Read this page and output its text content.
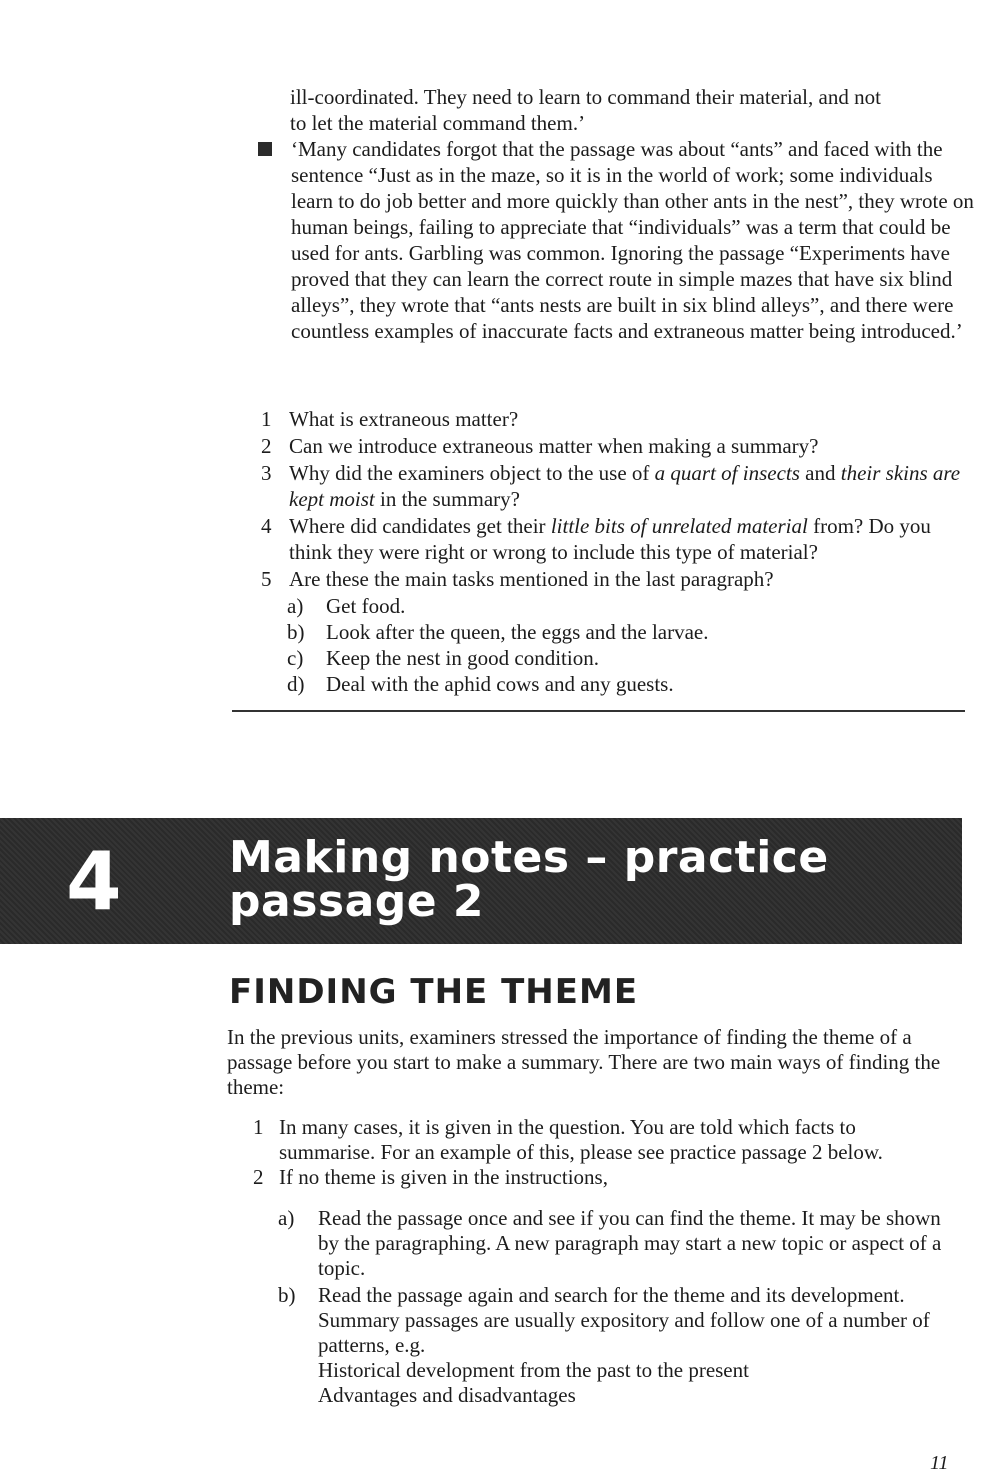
ill-coordinated. They need to learn to command their material, and not

to let the material command them.’

‘Many candidates forgot that the passage was about “ants” and faced with the sentence “Just as in the maze, so it is in the world of work; some individuals learn to do job better and more quickly than other ants in the nest”, they wrote on human beings, failing to appreciate that “individuals” was a term that could be used for ants. Garbling was common. Ignoring the passage “Experiments have proved that they can learn the correct route in simple mazes that have six blind alleys”, they wrote that “ants nests are built in six blind alleys”, and there were countless examples of inaccurate facts and extraneous matter being introduced.’
1 What is extraneous matter?
2 Can we introduce extraneous matter when making a summary?
3 Why did the examiners object to the use of a quart of insects and their skins are kept moist in the summary?
4 Where did candidates get their little bits of unrelated material from? Do you think they were right or wrong to include this type of material?
5 Are these the main tasks mentioned in the last paragraph?
a) Get food.
b) Look after the queen, the eggs and the larvae.
c) Keep the nest in good condition.
d) Deal with the aphid cows and any guests.
4 Making notes – practice
passage 2
FINDING THE THEME

In the previous units, examiners stressed the importance of finding the theme of a passage before you start to make a summary. There are two main ways of finding the theme:

1 In many cases, it is given in the question. You are told which facts to summarise. For an example of this, please see practice passage 2 below.
2 If no theme is given in the instructions,
a) Read the passage once and see if you can find the theme. It may be shown by the paragraphing. A new paragraph may start a new topic or aspect of a topic.
b) Read the passage again and search for the theme and its development. Summary passages are usually expository and follow one of a number of patterns, e.g.
Historical development from the past to the present
Advantages and disadvantages
11
